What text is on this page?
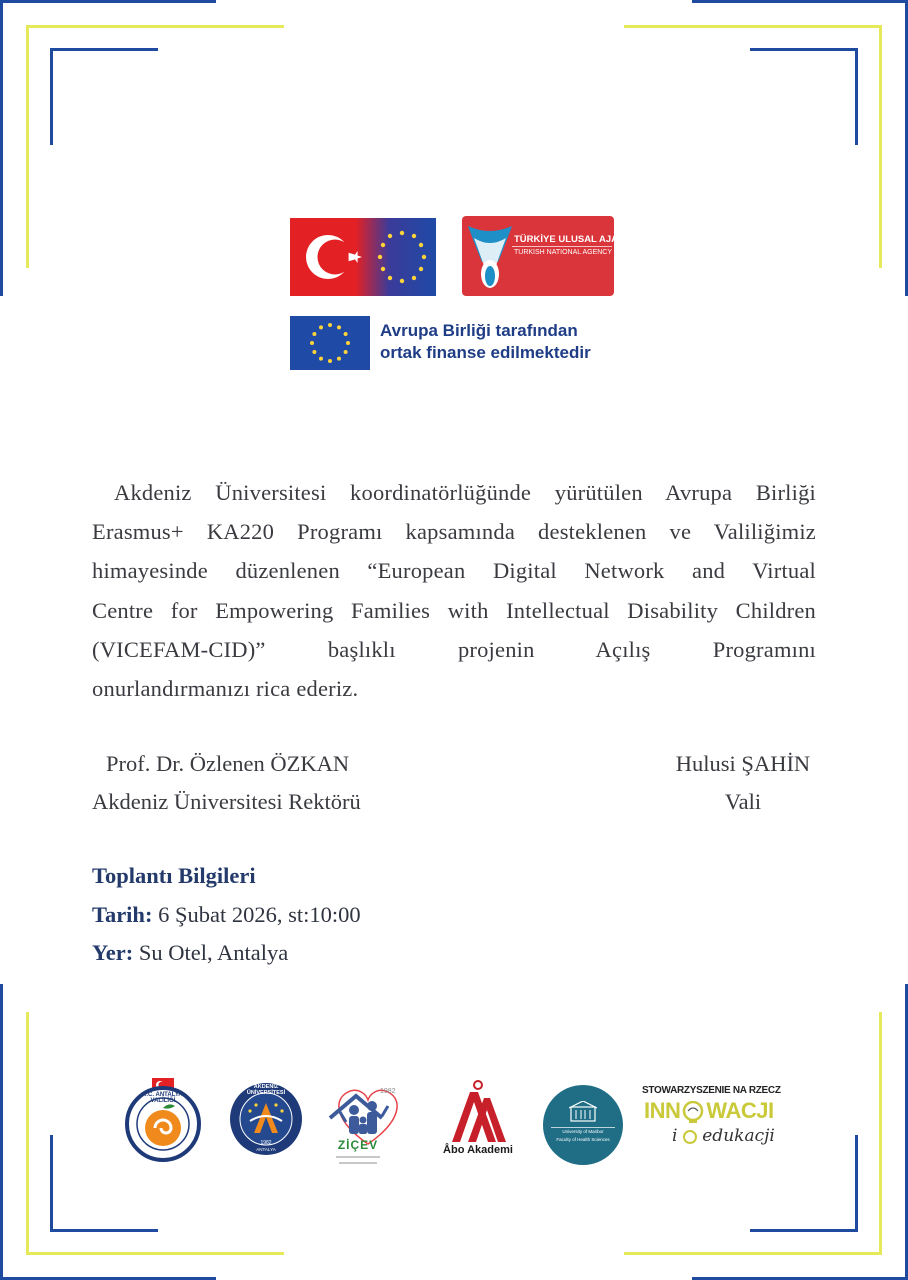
TÜRKİYE ULUSAL AJANSI
TURKISH NATIONAL AGENCY
Avrupa Birliği tarafından
ortak finanse edilmektedir
Akdeniz Üniversitesi koordinatörlüğünde yürütülen Avrupa Birliği
Erasmus+ KA220 Programı kapsamında desteklenen ve Valiliğimiz
himayesinde düzenlenen “European Digital Network and Virtual
Centre for Empowering Families with Intellectual Disability Children
(VICEFAM-CID)” başlıklı projenin Açılış Programını
onurlandırmanızı rica ederiz.
Prof. Dr. Özlenen ÖZKAN
Akdeniz Üniversitesi Rektörü
Hulusi ŞAHİN
Vali
Toplantı Bilgileri
Tarih: 6 Şubat 2026, st:10:00
Yer: Su Otel, Antalya
T.C. ANTALYA VALİLİĞİ
AKDENİZ ÜNİVERSİTESİ
1982
ANTALYA
1982
ZİÇEV	Åbo Akademi
University of Maribor
Faculty of Health Sciences
STOWARZYSZENIE NA RZECZ
INN WACJI
i edukacji
